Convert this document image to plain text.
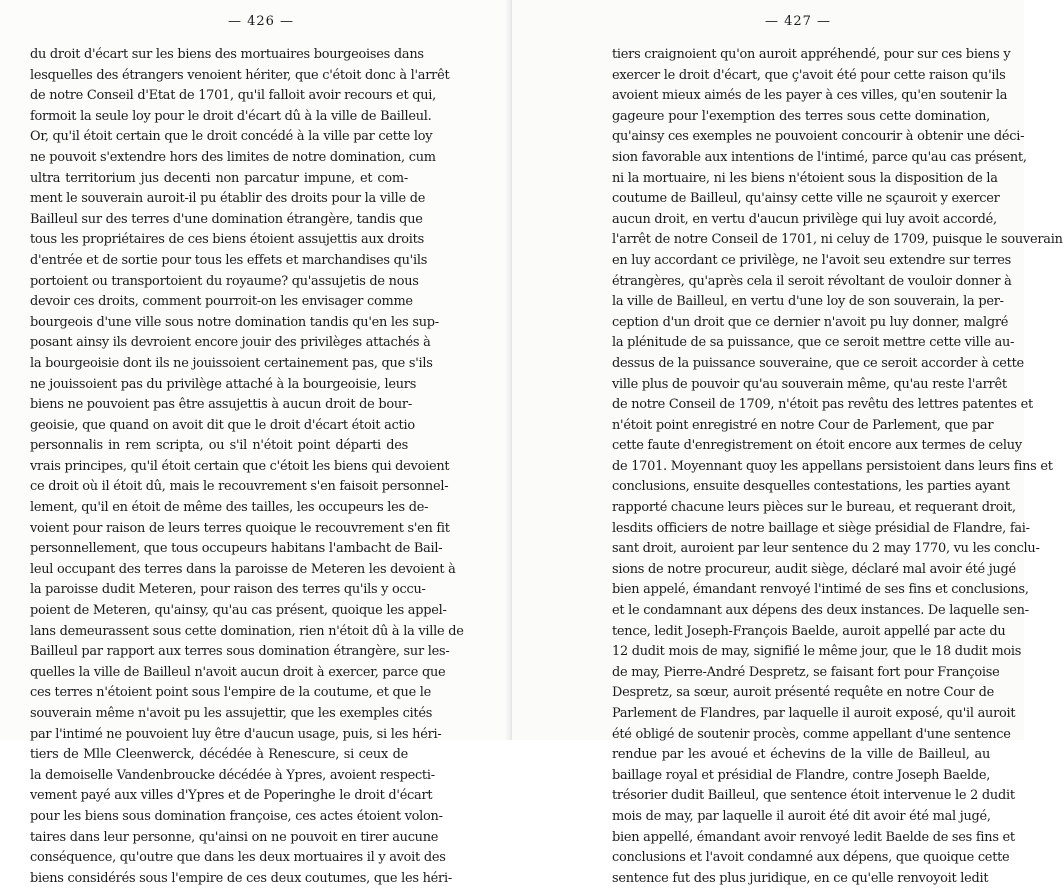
— 426 —
du droit d'écart sur les biens des mortuaires bourgeoises dans
lesquelles des étrangers venoient hériter, que c'étoit donc à l'arrêt
de notre Conseil d'Etat de 1701, qu'il falloit avoir recours et qui,
formoit la seule loy pour le droit d'écart dû à la ville de Bailleul.
Or, qu'il étoit certain que le droit concédé à la ville par cette loy
ne pouvoit s'extendre hors des limites de notre domination, cum
ultra territorium jus decenti non parcatur impune, et com-
ment le souverain auroit-il pu établir des droits pour la ville de
Bailleul sur des terres d'une domination étrangère, tandis que
tous les propriétaires de ces biens étoient assujettis aux droits
d'entrée et de sortie pour tous les effets et marchandises qu'ils
portoient ou transportoient du royaume? qu'assujetis de nous
devoir ces droits, comment pourroit-on les envisager comme
bourgeois d'une ville sous notre domination tandis qu'en les sup-
posant ainsy ils devroient encore jouir des privilèges attachés à
la bourgeoisie dont ils ne jouissoient certainement pas, que s'ils
ne jouissoient pas du privilège attaché à la bourgeoisie, leurs
biens ne pouvoient pas être assujettis à aucun droit de bour-
geoisie, que quand on avoit dit que le droit d'écart étoit actio
personnalis in rem scripta, ou s'il n'étoit point départi des
vrais principes, qu'il étoit certain que c'étoit les biens qui devoient
ce droit où il étoit dû, mais le recouvrement s'en faisoit personnel-
lement, qu'il en étoit de même des tailles, les occupeurs les de-
voient pour raison de leurs terres quoique le recouvrement s'en fit
personnellement, que tous occupeurs habitans l'ambacht de Bail-
leul occupant des terres dans la paroisse de Meteren les devoient à
la paroisse dudit Meteren, pour raison des terres qu'ils y occu-
poient de Meteren, qu'ainsy, qu'au cas présent, quoique les appel-
lans demeurassent sous cette domination, rien n'étoit dû à la ville de
Bailleul par rapport aux terres sous domination étrangère, sur les-
quelles la ville de Bailleul n'avoit aucun droit à exercer, parce que
ces terres n'étoient point sous l'empire de la coutume, et que le
souverain même n'avoit pu les assujettir, que les exemples cités
par l'intimé ne pouvoient luy être d'aucun usage, puis, si les héri-
tiers de Mlle Cleenwerck, décédée à Renescure, si ceux de
la demoiselle Vandenbroucke décédée à Ypres, avoient respecti-
vement payé aux villes d'Ypres et de Poperinghe le droit d'écart
pour les biens sous domination françoise, ces actes étoient volon-
taires dans leur personne, qu'ainsi on ne pouvoit en tirer aucune
conséquence, qu'outre que dans les deux mortuaires il y avoit des
biens considérés sous l'empire de ces deux coutumes, que les héri-
— 427 —
tiers craignoient qu'on auroit appréhendé, pour sur ces biens y
exercer le droit d'écart, que ç'avoit été pour cette raison qu'ils
avoient mieux aimés de les payer à ces villes, qu'en soutenir la
gageure pour l'exemption des terres sous cette domination,
qu'ainsy ces exemples ne pouvoient concourir à obtenir une déci-
sion favorable aux intentions de l'intimé, parce qu'au cas présent,
ni la mortuaire, ni les biens n'étoient sous la disposition de la
coutume de Bailleul, qu'ainsy cette ville ne sçauroit y exercer
aucun droit, en vertu d'aucun privilège qui luy avoit accordé,
l'arrêt de notre Conseil de 1701, ni celuy de 1709, puisque le souverain
en luy accordant ce privilège, ne l'avoit seu extendre sur terres
étrangères, qu'après cela il seroit révoltant de vouloir donner à
la ville de Bailleul, en vertu d'une loy de son souverain, la per-
ception d'un droit que ce dernier n'avoit pu luy donner, malgré
la plénitude de sa puissance, que ce seroit mettre cette ville au-
dessus de la puissance souveraine, que ce seroit accorder à cette
ville plus de pouvoir qu'au souverain même, qu'au reste l'arrêt
de notre Conseil de 1709, n'étoit pas revêtu des lettres patentes et
n'étoit point enregistré en notre Cour de Parlement, que par
cette faute d'enregistrement on étoit encore aux termes de celuy
de 1701. Moyennant quoy les appellans persistoient dans leurs fins et
conclusions, ensuite desquelles contestations, les parties ayant
rapporté chacune leurs pièces sur le bureau, et requerant droit,
lesdits officiers de notre baillage et siège présidial de Flandre, fai-
sant droit, auroient par leur sentence du 2 may 1770, vu les conclu-
sions de notre procureur, audit siège, déclaré mal avoir été jugé
bien appelé, émandant renvoyé l'intimé de ses fins et conclusions,
et le condamnant aux dépens des deux instances. De laquelle sen-
tence, ledit Joseph-François Baelde, auroit appellé par acte du
12 dudit mois de may, signifié le même jour, que le 18 dudit mois
de may, Pierre-André Despretz, se faisant fort pour Françoise
Despretz, sa sœur, auroit présenté requête en notre Cour de
Parlement de Flandres, par laquelle il auroit exposé, qu'il auroit
été obligé de soutenir procès, comme appellant d'une sentence
rendue par les avoué et échevins de la ville de Bailleul, au
baillage royal et présidial de Flandre, contre Joseph Baelde,
trésorier dudit Bailleul, que sentence étoit intervenue le 2 dudit
mois de may, par laquelle il auroit été dit avoir été mal jugé,
bien appellé, émandant avoir renvoyé ledit Baelde de ses fins et
conclusions et l'avoit condamné aux dépens, que quoique cette
sentence fut des plus juridique, en ce qu'elle renvoyoit ledit
